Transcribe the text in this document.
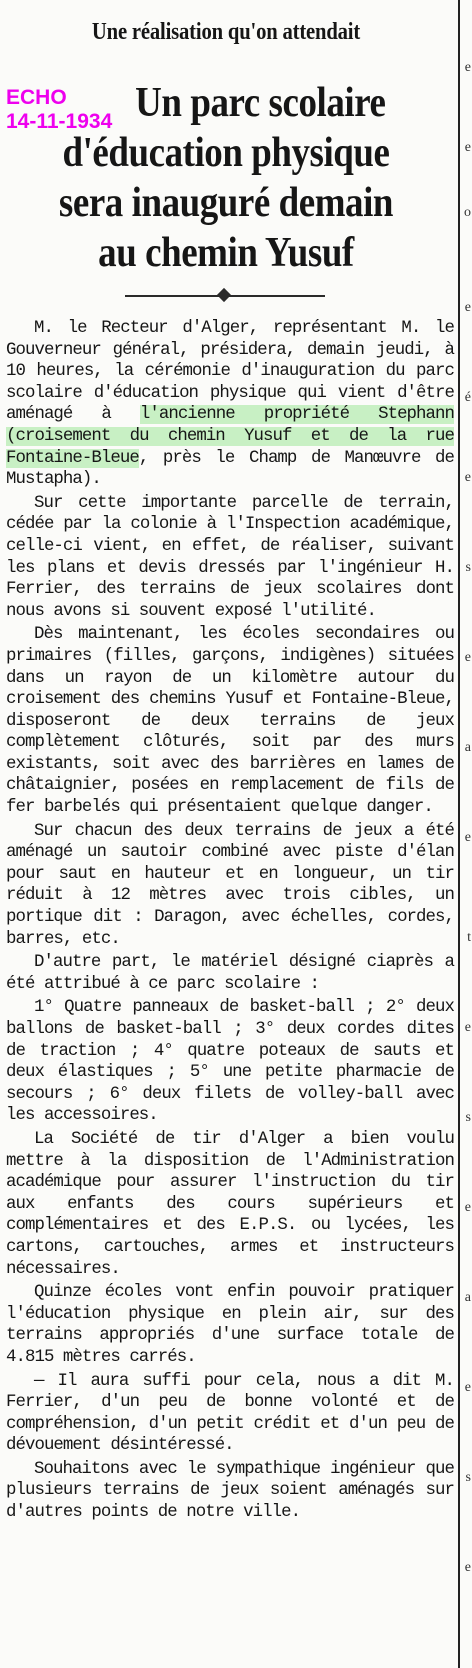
Une réalisation qu'on attendait
ECHO
14-11-1934 Un parc scolaire
d'éducation physique
sera inauguré demain
au chemin Yusuf
e
e
o
e
é
e
s
e
a
e
t
e
s
e
a
e
s
e

M. le Recteur d'Alger, représentant M. le Gouverneur général, présidera, demain jeudi, à 10 heures, la cérémonie d'inauguration du parc scolaire d'éducation physique qui vient d'être aménagé à l'ancienne propriété Stephann (croisement du chemin Yusuf et de la rue Fontaine-Bleue, près le Champ de Manœuvre de Mustapha).

Sur cette importante parcelle de terrain, cédée par la colonie à l'Inspection académique, celle-ci vient, en effet, de réaliser, suivant les plans et devis dressés par l'ingénieur H. Ferrier, des terrains de jeux scolaires dont nous avons si souvent exposé l'utilité.

Dès maintenant, les écoles secondaires ou primaires (filles, garçons, indigènes) situées dans un rayon de un kilomètre autour du croisement des chemins Yusuf et Fontaine-Bleue, disposeront de deux terrains de jeux complètement clôturés, soit par des murs existants, soit avec des barrières en lames de châtaignier, posées en remplacement de fils de fer barbelés qui présentaient quelque danger.

Sur chacun des deux terrains de jeux a été aménagé un sautoir combiné avec piste d'élan pour saut en hauteur et en longueur, un tir réduit à 12 mètres avec trois cibles, un portique dit : Daragon, avec échelles, cordes, barres, etc.

D'autre part, le matériel désigné ciaprès a été attribué à ce parc scolaire :

1° Quatre panneaux de basket-ball ; 2° deux ballons de basket-ball ; 3° deux cordes dites de traction ; 4° quatre poteaux de sauts et deux élastiques ; 5° une petite pharmacie de secours ; 6° deux filets de volley-ball avec les accessoires.

La Société de tir d'Alger a bien voulu mettre à la disposition de l'Administration académique pour assurer l'instruction du tir aux enfants des cours supérieurs et complémentaires et des E.P.S. ou lycées, les cartons, cartouches, armes et instructeurs nécessaires.

Quinze écoles vont enfin pouvoir pratiquer l'éducation physique en plein air, sur des terrains appropriés d'une surface totale de 4.815 mètres carrés.

— Il aura suffi pour cela, nous a dit M. Ferrier, d'un peu de bonne volonté et de compréhension, d'un petit crédit et d'un peu de dévouement désintéressé.

Souhaitons avec le sympathique ingénieur que plusieurs terrains de jeux soient aménagés sur d'autres points de notre ville.
